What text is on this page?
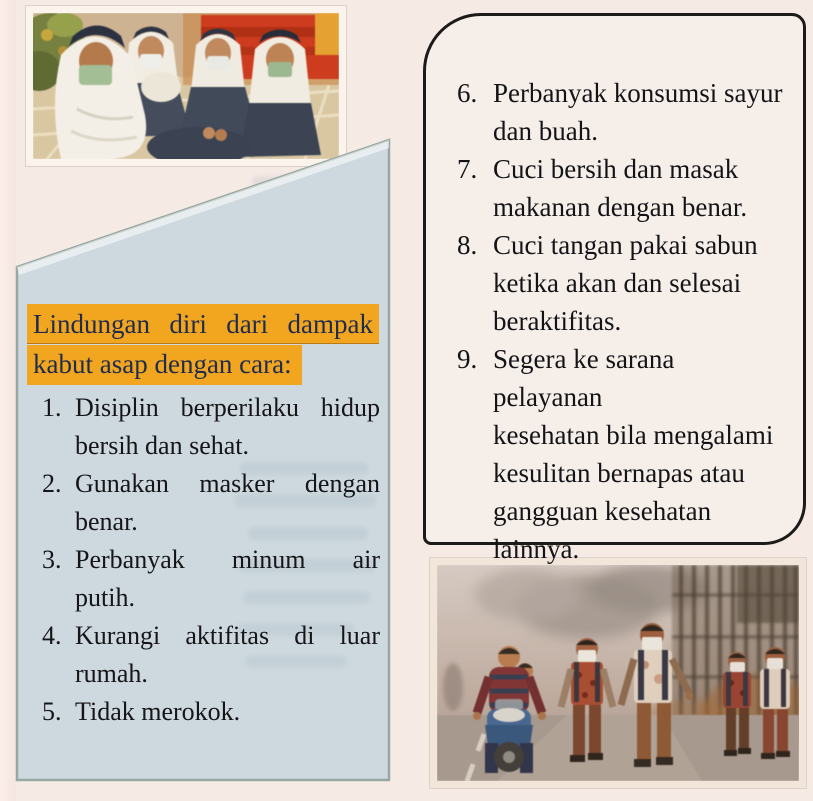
Lindungan diri dari dampak
kabut asap dengan cara:
1. Disiplin berperilaku hidup
bersih dan sehat.
2. Gunakan masker dengan
benar.
3. Perbanyak minum air
putih.
4. Kurangi aktifitas di luar
rumah.
5. Tidak merokok.
6. Perbanyak konsumsi sayur
dan buah.
7. Cuci bersih dan masak
makanan dengan benar.
8. Cuci tangan pakai sabun
ketika akan dan selesai
beraktifitas.
9. Segera ke sarana pelayanan
kesehatan bila mengalami
kesulitan bernapas atau
gangguan kesehatan
lainnya.
